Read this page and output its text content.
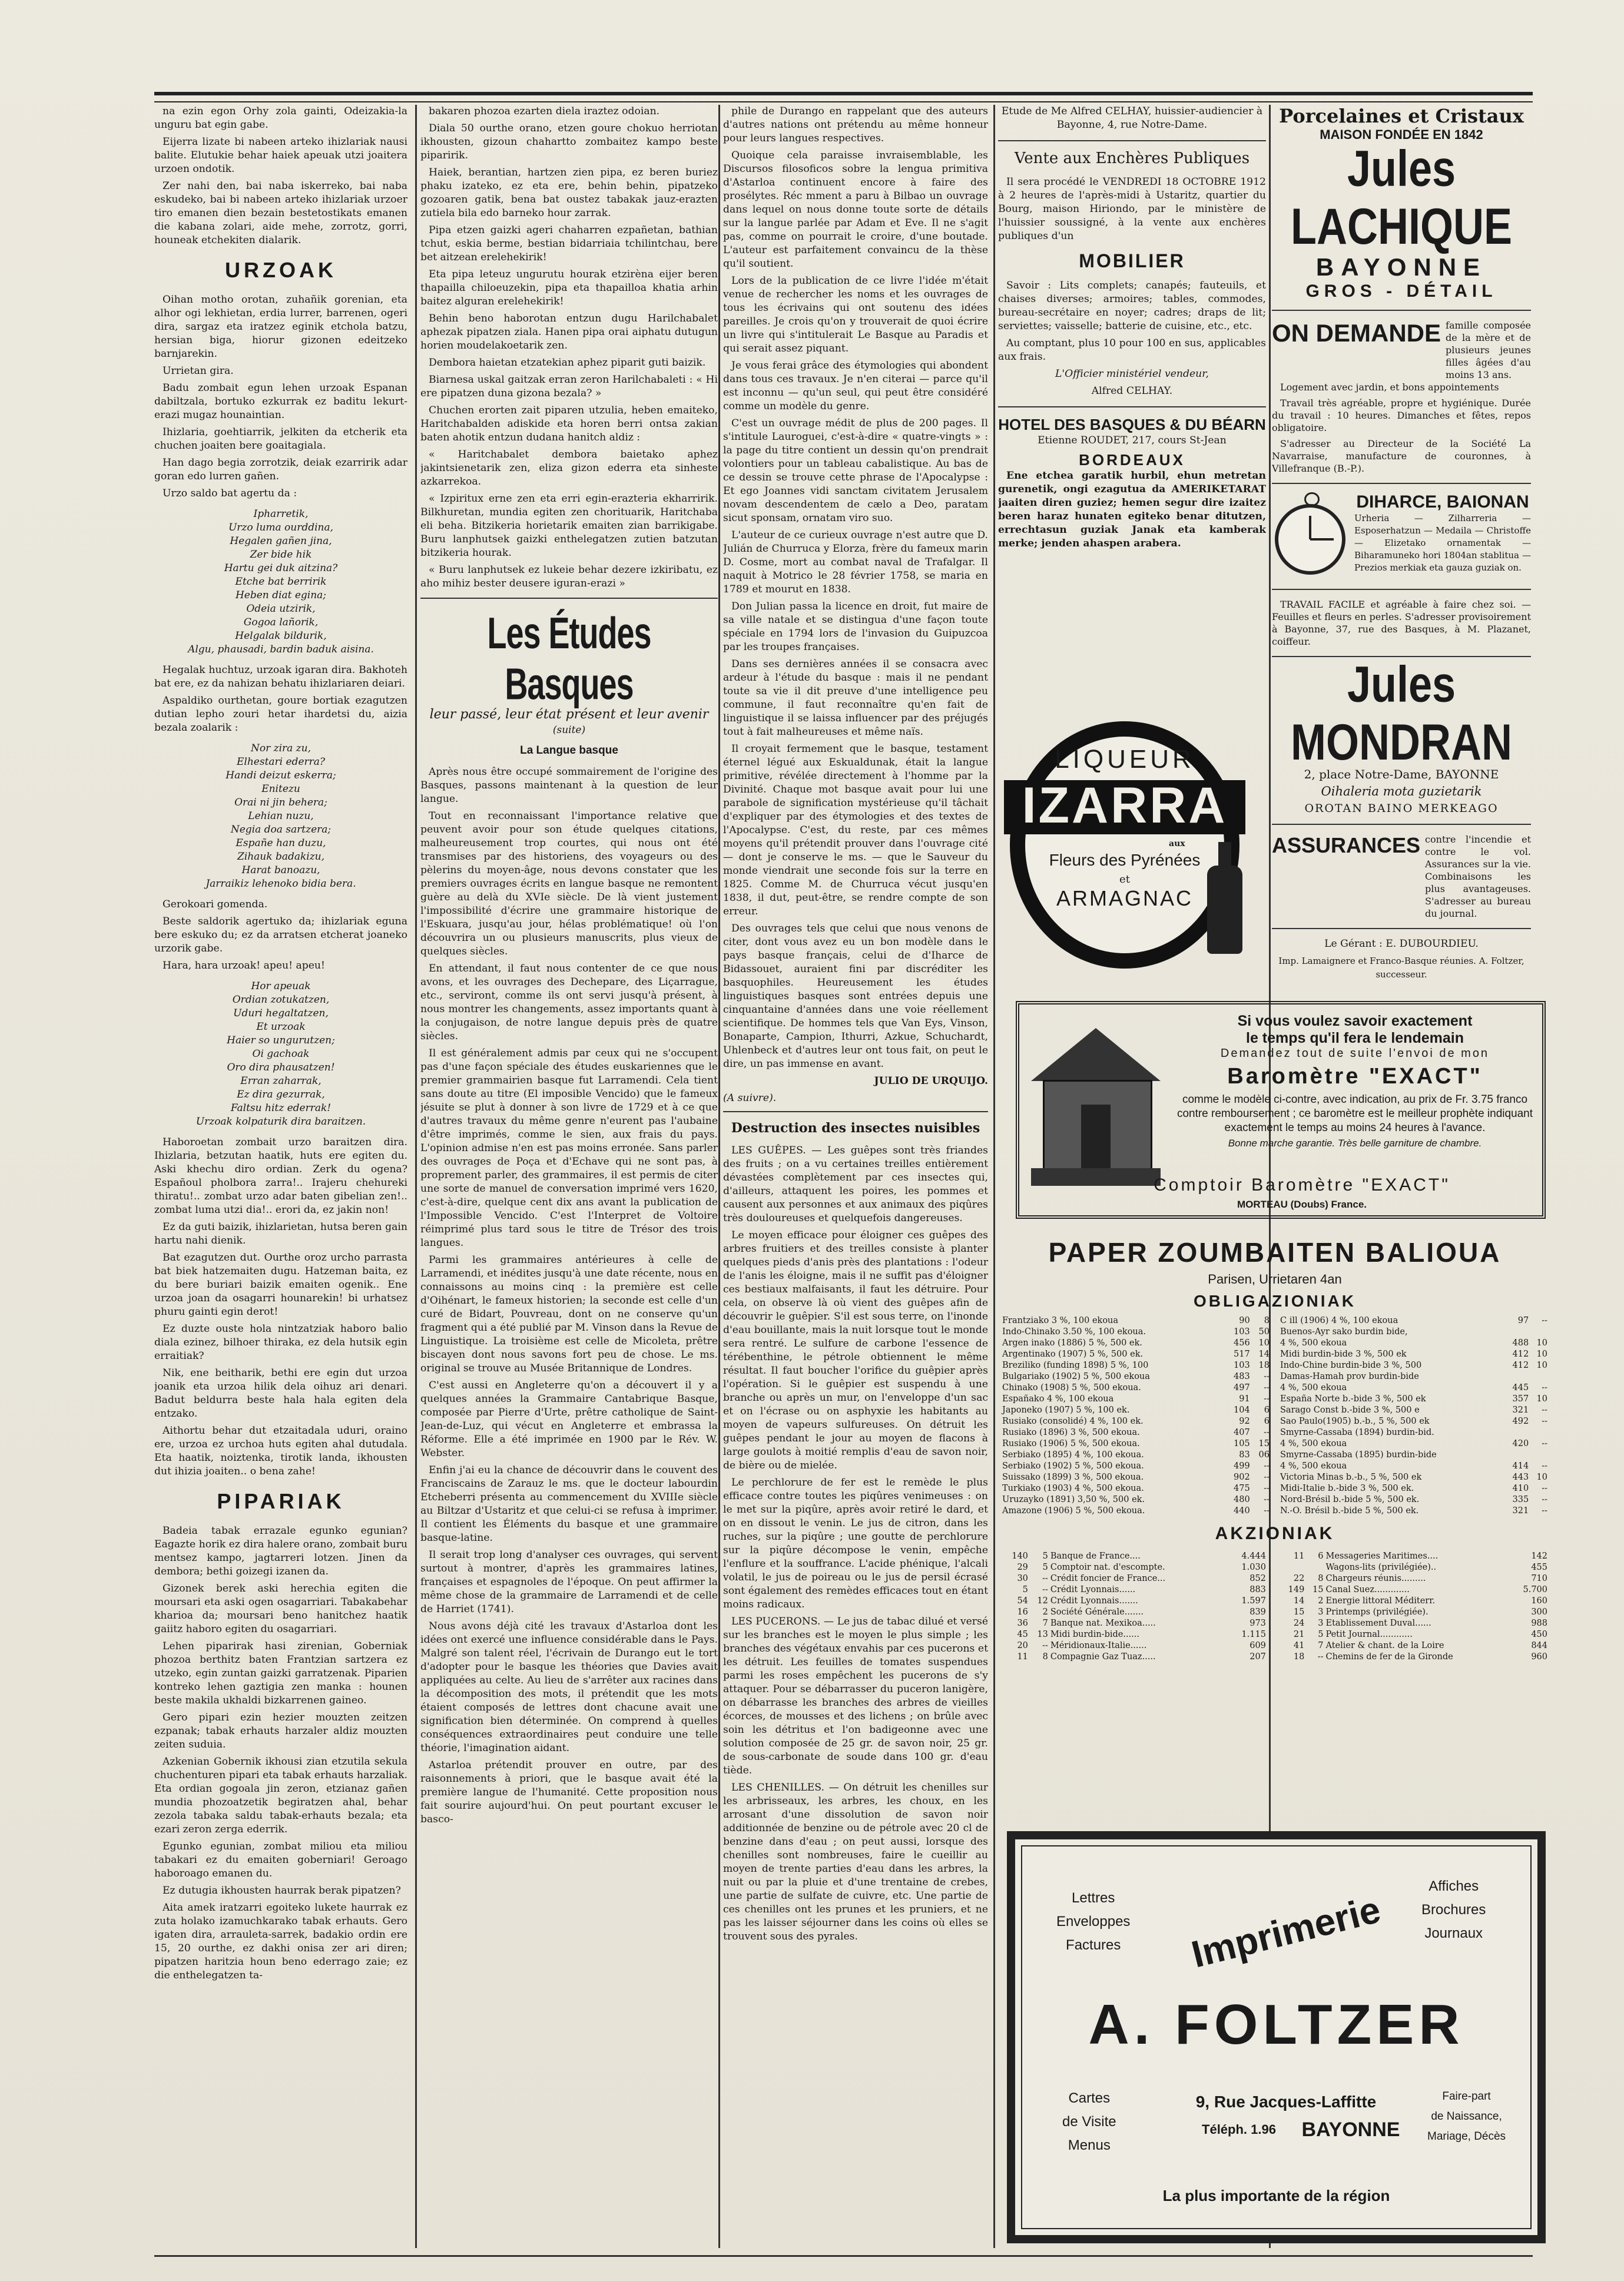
na ezin egon Orhy zola gainti, Odeizakia-la unguru bat egin gabe.

Eijerra lizate bi nabeen arteko ihizlariak nausi balite. Elutukie behar haiek apeuak utzi joaitera urzoen ondotik.

Zer nahi den, bai naba iskerreko, bai naba eskudeko, bai bi nabeen arteko ihizlariak urzoer tiro emanen dien bezain bestetostikats emanen die kabana zolari, aide mehe, zorrotz, gorri, houneak etchekiten dialarik.

URZOAK

Oihan motho orotan, zuhañik gorenian, eta alhor ogi lekhietan, erdia lurrer, barrenen, ogeri dira, sargaz eta iratzez eginik etchola batzu, hersian biga, hiorur gizonen edeitzeko barnjarekin.

Urrietan gira.

Badu zombait egun lehen urzoak Espanan dabiltzala, bortuko ezkurrak ez baditu lekurt-erazi mugaz hounaintian.

Ihizlaria, goehtiarrik, jelkiten da etcherik eta chuchen joaiten bere goaitagiala.

Han dago begia zorrotzik, deiak ezarririk adar goran edo lurren gañen.

Urzo saldo bat agertu da :

Ipharretik,
Urzo luma ourddina,
Hegalen gañen jina,
Zer bide hik
Hartu gei duk aitzina?
Etche bat berririk
Heben diat egina;
Odeia utzirik,
Gogoa lañorik,
Helgalak bildurik,
Algu, phausadi, bardin baduk aisina.

Hegalak huchtuz, urzoak igaran dira. Bakhoteh bat ere, ez da nahizan behatu ihizlariaren deiari.

Aspaldiko ourthetan, goure bortiak ezagutzen dutian lepho zouri hetar ihardetsi du, aizia bezala zoalarik :

Nor zira zu,
Elhestari ederra?
Handi deizut eskerra;
Enitezu
Orai ni jin behera;
Lehian nuzu,
Negia doa sartzera;
Españe han duzu,
Zihauk badakizu,
Harat banoazu,
Jarraikiz lehenoko bidia bera.

Gerokoari gomenda.

Beste saldorik agertuko da; ihizlariak eguna bere eskuko du; ez da arratsen etcherat joaneko urzorik gabe.

Hara, hara urzoak! apeu! apeu!

Hor apeuak
Ordian zotukatzen,
Uduri hegaltatzen,
Et urzoak
Haier so ungurutzen;
Oi gachoak
Oro dira phausatzen!
Erran zaharrak,
Ez dira gezurrak,
Faltsu hitz ederrak!
Urzoak kolpaturik dira baraitzen.

Haboroetan zombait urzo baraitzen dira. Ihizlaria, betzutan haatik, huts ere egiten du. Aski khechu diro ordian. Zerk du ogena? Españoul pholbora zarra!.. Irajeru chehureki thiratu!.. zombat urzo adar baten gibelian zen!.. zombat luma utzi dia!.. erori da, ez jakin non!

Ez da guti baizik, ihizlarietan, hutsa beren gain hartu nahi dienik.

Bat ezagutzen dut. Ourthe oroz urcho parrasta bat biek hatzemaiten dugu. Hatzeman baita, ez du bere buriari baizik emaiten ogenik.. Ene urzoa joan da osagarri hounarekin! bi urhatsez phuru gainti egin derot!

Ez duzte ouste hola nintzatziak haboro balio diala ezinez, bilhoer thiraka, ez dela hutsik egin erraitiak?

Nik, ene beitharik, bethi ere egin dut urzoa joanik eta urzoa hilik dela oihuz ari denari. Badut beldurra beste hala hala egiten dela entzako.

Aithortu behar dut etzaitadala uduri, oraino ere, urzoa ez urchoa huts egiten ahal dutudala. Eta haatik, noiztenka, tirotik landa, ikhousten dut ihizia joaiten.. o bena zahe!

PIPARIAK

Badeia tabak errazale egunko egunian? Eagazte horik ez dira halere orano, zombait buru mentsez kampo, jagtarreri lotzen. Jinen da dembora; bethi goizegi izanen da.

Gizonek berek aski herechia egiten die moursari eta aski ogen osagarriari. Tabakabehar kharioa da; moursari beno hanitchez haatik gaiitz haboro egiten du osagarriari.

Lehen piparirak hasi zirenian, Goberniak phozoa berthitz baten Frantzian sartzera ez utzeko, egin zuntan gaizki garratzenak. Piparien kontreko lehen gaztigia zen manka : hounen beste makila ukhaldi bizkarrenen gaineo.

Gero pipari ezin hezier mouzten zeitzen ezpanak; tabak erhauts harzaler aldiz mouzten zeiten suduia.

Azkenian Gobernik ikhousi zian etzutila sekula chuchenturen pipari eta tabak erhauts harzaliak. Eta ordian gogoala jin zeron, etzianaz gañen mundia phozoatzetik begiratzen ahal, behar zezola tabaka saldu tabak-erhauts bezala; eta ezari zeron zerga ederrik.

Egunko egunian, zombat miliou eta miliou tabakari ez du emaiten goberniari! Geroago haboroago emanen du.

Ez dutugia ikhousten haurrak berak pipatzen?

Aita amek iratzarri egoiteko lukete haurrak ez zuta holako izamuchkarako tabak erhauts. Gero igaten dira, arrauleta-sarrek, badakio ordin ere 15, 20 ourthe, ez dakhi onisa zer ari diren; pipatzen haritzia houn beno ederrago zaie; ez die enthelegatzen ta-

bakaren phozoa ezarten diela iraztez odoian.

Diala 50 ourthe orano, etzen goure chokuo herriotan ikhousten, gizoun chahartto zombaitez kampo beste piparirik.

Haiek, berantian, hartzen zien pipa, ez beren buriez phaku izateko, ez eta ere, behin behin, pipatzeko gozoaren gatik, bena bat oustez tabakak jauz-erazten zutiela bila edo barneko hour zarrak.

Pipa etzen gaizki ageri chaharren ezpañetan, bathian tchut, eskia berme, bestian bidarriaia tchilintchau, bere bet aitzean erelehekirik!

Eta pipa leteuz ungurutu hourak etzirèna eijer beren thapailla chiloeuzekin, pipa eta thapailloa khatia arhin baitez alguran erelehekirik!

Behin beno haborotan entzun dugu Harilchabalet aphezak pipatzen ziala. Hanen pipa orai aiphatu dutugun horien moudelakoetarik zen.

Dembora haietan etzatekian aphez piparit guti baizik.

Biarnesa uskal gaitzak erran zeron Harilchabaleti : « Hi ere pipatzen duna gizona bezala? »

Chuchen erorten zait piparen utzulia, heben emaiteko, Haritchabalden adiskide eta horen berri ontsa zakian baten ahotik entzun dudana hanitch aldiz :

« Haritchabalet dembora baietako aphez jakintsienetarik zen, eliza gizon ederra eta sinheste azkarrekoa.

« Izpiritux erne zen eta erri egin-erazteria ekharririk. Bilkhuretan, mundia egiten zen chorituarik, Haritchaba eli beha. Bitzikeria horietarik emaiten zian barrikigabe. Buru lanphutsek gaizki enthelegatzen zutien batzutan bitzikeria hourak.

« Buru lanphutsek ez lukeie behar dezere izkiribatu, ez aho mihiz bester deusere iguran-erazi »

Les Études Basques
leur passé, leur état présent et leur avenir
(suite)
La Langue basque

Après nous être occupé sommairement de l'origine des Basques, passons maintenant à la question de leur langue.

Tout en reconnaissant l'importance relative que peuvent avoir pour son étude quelques citations, malheureusement trop courtes, qui nous ont été transmises par des historiens, des voyageurs ou des pèlerins du moyen-âge, nous devons constater que les premiers ouvrages écrits en langue basque ne remontent guère au delà du XVIe siècle. De là vient justement l'impossibilité d'écrire une grammaire historique de l'Eskuara, jusqu'au jour, hélas problématique! où l'on découvrira un ou plusieurs manuscrits, plus vieux de quelques siècles.

En attendant, il faut nous contenter de ce que nous avons, et les ouvrages des Dechepare, des Liçarrague, etc., serviront, comme ils ont servi jusqu'à présent, à nous montrer les changements, assez importants quant à la conjugaison, de notre langue depuis près de quatre siècles.

Il est généralement admis par ceux qui ne s'occupent pas d'une façon spéciale des études euskariennes que le premier grammairien basque fut Larramendi. Cela tient sans doute au titre (El imposible Vencido) que le fameux jésuite se plut à donner à son livre de 1729 et à ce que d'autres travaux du même genre n'eurent pas l'aubaine d'être imprimés, comme le sien, aux frais du pays. L'opinion admise n'en est pas moins erronée. Sans parler des ouvrages de Poça et d'Echave qui ne sont pas, à proprement parler, des grammaires, il est permis de citer une sorte de manuel de conversation imprimé vers 1620, c'est-à-dire, quelque cent dix ans avant la publication de l'Impossible Vencido. C'est l'Interpret de Voltoire réimprimé plus tard sous le titre de Trésor des trois langues.

Parmi les grammaires antérieures à celle de Larramendi, et inédites jusqu'à une date récente, nous en connaissons au moins cinq : la première est celle d'Oihénart, le fameux historien; la seconde est celle d'un curé de Bidart, Pouvreau, dont on ne conserve qu'un fragment qui a été publié par M. Vinson dans la Revue de Linguistique. La troisième est celle de Micoleta, prêtre biscayen dont nous savons fort peu de chose. Le ms. original se trouve au Musée Britannique de Londres.

C'est aussi en Angleterre qu'on a découvert il y a quelques années la Grammaire Cantabrique Basque, composée par Pierre d'Urte, prêtre catholique de Saint-Jean-de-Luz, qui vécut en Angleterre et embrassa la Réforme. Elle a été imprimée en 1900 par le Rév. W. Webster.

Enfin j'ai eu la chance de découvrir dans le couvent des Franciscains de Zarauz le ms. que le docteur labourdin Etcheberri présenta au commencement du XVIIIe siècle au Biltzar d'Ustaritz et que celui-ci se refusa à imprimer. Il contient les Éléments du basque et une grammaire basque-latine.

Il serait trop long d'analyser ces ouvrages, qui servent surtout à montrer, d'après les grammaires latines, françaises et espagnoles de l'époque. On peut affirmer la même chose de la grammaire de Larramendi et de celle de Harriet (1741).

Nous avons déjà cité les travaux d'Astarloa dont les idées ont exercé une influence considérable dans le Pays. Malgré son talent réel, l'écrivain de Durango eut le tort d'adopter pour le basque les théories que Davies avait appliquées au celte. Au lieu de s'arrêter aux racines dans la décomposition des mots, il prétendit que les mots étaient composés de lettres dont chacune avait une signification bien déterminée. On comprend à quelles conséquences extraordinaires peut conduire une telle théorie, l'imagination aidant.

Astarloa prétendit prouver en outre, par des raisonnements à priori, que le basque avait été la première langue de l'humanité. Cette proposition nous fait sourire aujourd'hui. On peut pourtant excuser le basco-

phile de Durango en rappelant que des auteurs d'autres nations ont prétendu au même honneur pour leurs langues respectives.

Quoique cela paraisse invraisemblable, les Discursos filosoficos sobre la lengua primitiva d'Astarloa continuent encore à faire des prosélytes. Réc mment a paru à Bilbao un ouvrage dans lequel on nous donne toute sorte de détails sur la langue parlée par Adam et Eve. Il ne s'agit pas, comme on pourrait le croire, d'une boutade. L'auteur est parfaitement convaincu de la thèse qu'il soutient.

Lors de la publication de ce livre l'idée m'était venue de rechercher les noms et les ouvrages de tous les écrivains qui ont soutenu des idées pareilles. Je crois qu'on y trouverait de quoi écrire un livre qui s'intitulerait Le Basque au Paradis et qui serait assez piquant.

Je vous ferai grâce des étymologies qui abondent dans tous ces travaux. Je n'en citerai — parce qu'il est inconnu — qu'un seul, qui peut être considéré comme un modèle du genre.

C'est un ouvrage médit de plus de 200 pages. Il s'intitule Lauroguei, c'est-à-dire « quatre-vingts » : la page du titre contient un dessin qu'on prendrait volontiers pour un tableau cabalistique. Au bas de ce dessin se trouve cette phrase de l'Apocalypse : Et ego Joannes vidi sanctam civitatem Jerusalem novam descendentem de cælo a Deo, paratam sicut sponsam, ornatam viro suo.

L'auteur de ce curieux ouvrage n'est autre que D. Julián de Churruca y Elorza, frère du fameux marin D. Cosme, mort au combat naval de Trafalgar. Il naquit à Motrico le 28 février 1758, se maria en 1789 et mourut en 1838.

Don Julian passa la licence en droit, fut maire de sa ville natale et se distingua d'une façon toute spéciale en 1794 lors de l'invasion du Guipuzcoa par les troupes françaises.

Dans ses dernières années il se consacra avec ardeur à l'étude du basque : mais il ne pendant toute sa vie il dit preuve d'une intelligence peu commune, il faut reconnaître qu'en fait de linguistique il se laissa influencer par des préjugés tout à fait malheureuses et même naïs.

Il croyait fermement que le basque, testament éternel légué aux Eskualdunak, était la langue primitive, révélée directement à l'homme par la Divinité. Chaque mot basque avait pour lui une parabole de signification mystérieuse qu'il tâchait d'expliquer par des étymologies et des textes de l'Apocalypse. C'est, du reste, par ces mêmes moyens qu'il prétendit prouver dans l'ouvrage cité — dont je conserve le ms. — que le Sauveur du monde viendrait une seconde fois sur la terre en 1825. Comme M. de Churruca vécut jusqu'en 1838, il dut, peut-être, se rendre compte de son erreur.

Des ouvrages tels que celui que nous venons de citer, dont vous avez eu un bon modèle dans le pays basque français, celui de d'Iharce de Bidassouet, auraient fini par discréditer les basquophiles. Heureusement les études linguistiques basques sont entrées depuis une cinquantaine d'années dans une voie réellement scientifique. De hommes tels que Van Eys, Vinson, Bonaparte, Campion, Ithurri, Azkue, Schuchardt, Uhlenbeck et d'autres leur ont tous fait, on peut le dire, un pas immense en avant.

JULIO DE URQUIJO.

(A suivre).

Destruction des insectes nuisibles

LES GUÊPES. — Les guêpes sont très friandes des fruits ; on a vu certaines treilles entièrement dévastées complètement par ces insectes qui, d'ailleurs, attaquent les poires, les pommes et causent aux personnes et aux animaux des piqûres très douloureuses et quelquefois dangereuses.

Le moyen efficace pour éloigner ces guêpes des arbres fruitiers et des treilles consiste à planter quelques pieds d'anis près des plantations : l'odeur de l'anis les éloigne, mais il ne suffit pas d'éloigner ces bestiaux malfaisants, il faut les détruire. Pour cela, on observe là où vient des guêpes afin de découvrir le guêpier. S'il est sous terre, on l'inonde d'eau bouillante, mais la nuit lorsque tout le monde sera rentré. Le sulfure de carbone l'essence de térébenthine, le pétrole obtiennent le même résultat. Il faut boucher l'orifice du guêpier après l'opération. Si le guêpier est suspendu à une branche ou après un mur, on l'enveloppe d'un sac et on l'écrase ou on asphyxie les habitants au moyen de vapeurs sulfureuses. On détruit les guêpes pendant le jour au moyen de flacons à large goulots à moitié remplis d'eau de savon noir, de bière ou de mielée.

Le perchlorure de fer est le remède le plus efficace contre toutes les piqûres venimeuses : on le met sur la piqûre, après avoir retiré le dard, et on en dissout le venin. Le jus de citron, dans les ruches, sur la piqûre ; une goutte de perchlorure sur la piqûre décompose le venin, empêche l'enflure et la souffrance. L'acide phénique, l'alcali volatil, le jus de poireau ou le jus de persil écrasé sont également des remèdes efficaces tout en étant moins radicaux.

LES PUCERONS. — Le jus de tabac dilué et versé sur les branches est le moyen le plus simple ; les branches des végétaux envahis par ces pucerons et les détruit. Les feuilles de tomates suspendues parmi les roses empêchent les pucerons de s'y attaquer. Pour se débarrasser du puceron lanigère, on débarrasse les branches des arbres de vieilles écorces, de mousses et des lichens ; on brûle avec soin les détritus et l'on badigeonne avec une solution composée de 25 gr. de savon noir, 25 gr. de sous-carbonate de soude dans 100 gr. d'eau tiède.

LES CHENILLES. — On détruit les chenilles sur les arbrisseaux, les arbres, les choux, en les arrosant d'une dissolution de savon noir additionnée de benzine ou de pétrole avec 20 cl de benzine dans d'eau ; on peut aussi, lorsque des chenilles sont nombreuses, faire le cueillir au moyen de trente parties d'eau dans les arbres, la nuit ou par la pluie et d'une trentaine de crebes, une partie de sulfate de cuivre, etc. Une partie de ces chenilles ont les prunes et les pruniers, et ne pas les laisser séjourner dans les coins où elles se trouvent sous des pyrales.

Etude de Me Alfred CELHAY, huissier-audiencier à Bayonne, 4, rue Notre-Dame.

Vente aux Enchères Publiques

Il sera procédé le VENDREDI 18 OCTOBRE 1912 à 2 heures de l'après-midi à Ustaritz, quartier du Bourg, maison Hiriondo, par le ministère de l'huissier soussigné, à la vente aux enchères publiques d'un

MOBILIER

Savoir : Lits complets; canapés; fauteuils, et chaises diverses; armoires; tables, commodes, bureau-secrétaire en noyer; cadres; draps de lit; serviettes; vaisselle; batterie de cuisine, etc., etc.

Au comptant, plus 10 pour 100 en sus, applicables aux frais.

L'Officier ministériel vendeur,

Alfred CELHAY.

HOTEL DES BASQUES & DU BÉARN

Etienne ROUDET, 217, cours St-Jean

BORDEAUX

Ene etchea garatik hurbil, ehun metretan gurenetik, ongi ezagutua da AMERIKETARAT jaaiten diren guziez; hemen segur dire izaitez beren haraz hunaten egiteko benar ditutzen, errechtasun guziak Janak eta kamberak merke; jenden ahaspen arabera.

LIQUEUR
IZARRA
aux
Fleurs des Pyrénées
et
ARMAGNAC
Si vous voulez savoir exactement
le temps qu'il fera le lendemain
Demandez tout de suite l'envoi de mon
Baromètre "EXACT"
comme le modèle ci-contre, avec indication, au prix de Fr. 3.75 franco contre remboursement ; ce baromètre est le meilleur prophète indiquant exactement le temps au moins 24 heures à l'avance.
Bonne marche garantie. Très belle garniture de chambre.
Comptoir Baromètre "EXACT"
MORTEAU (Doubs) France.
Porcelaines et Cristaux
MAISON FONDÉE EN 1842
Jules LACHIQUE
BAYONNE
GROS - DÉTAIL
ON DEMANDE famille composée de la mère et de plusieurs jeunes filles âgées d'au moins 13 ans.

Logement avec jardin, et bons appointements

Travail très agréable, propre et hygiénique. Durée du travail : 10 heures. Dimanches et fêtes, repos obligatoire.

S'adresser au Directeur de la Société La Navarraise, manufacture de couronnes, à Villefranque (B.-P.).

DIHARCE, BAIONAN
Urheria — Zilharreria — Esposerhatzun — Medaila — Christoffe — Elizetako ornamentak — Biharamuneko hori 1804an stablitua — Prezios merkiak eta gauza guziak on.

TRAVAIL FACILE et agréable à faire chez soi. — Feuilles et fleurs en perles. S'adresser provisoirement à Bayonne, 37, rue des Basques, à M. Plazanet, coiffeur.

Jules MONDRAN

2, place Notre-Dame, BAYONNE

Oihaleria mota guzietarik

OROTAN BAINO MERKEAGO

ASSURANCES contre l'incendie et contre le vol. Assurances sur la vie. Combinaisons les plus avantageuses. S'adresser au bureau du journal.

Le Gérant : E. DUBOURDIEU.

Imp. Lamaignere et Franco-Basque réunies. A. Foltzer, successeur.

PAPER ZOUMBAITEN BALIOUA
Parisen, Urrietaren 4an
OBLIGAZIONIAK
Frantziako 3 %, 100 ekoua	90	8
Indo-Chinako 3.50 %, 100 ekoua.	103	50
Argen inako (1886) 5 %, 500 ek.	456	10
Argentinako (1907) 5 %, 500 ek.	517	14
Breziliko (funding 1898) 5 %, 100	103	18
Bulgariako (1902) 5 %, 500 ekoua	483	--
Chinako (1908) 5 %, 500 ekoua.	497	--
Españako 4 %, 100 ekoua	91	--
Japoneko (1907) 5 %, 100 ek.	104	6
Rusiako (consolidé) 4 %, 100 ek.	92	6
Rusiako (1896) 3 %, 500 ekoua.	407	--
Rusiako (1906) 5 %, 500 ekoua.	105	15
Serbiako (1895) 4 %, 100 ekoua.	83	06
Serbiako (1902) 5 %, 500 ekoua.	499	--
Suissako (1899) 3 %, 500 ekoua.	902	--
Turkiako (1903) 4 %, 500 ekoua.	475	--
Uruzayko (1891) 3,50 %, 500 ek.	480	--
Amazone (1906) 5 %, 500 ekoua.	440	--
C ill (1906) 4 %, 100 ekoua	97	--
Buenos-Ayr sako burdin bide,		
4 %, 500 ekoua	488	10
Midi burdin-bide 3 %, 500 ek	412	10
Indo-Chine burdin-bide 3 %, 500	412	10
Damas-Hamah prov burdin-bide		
4 %, 500 ekoua	445	--
España Norte b.-bide 3 %, 500 ek	357	10
Sarago Const b.-bide 3 %, 500 e	321	--
Sao Paulo(1905) b.-b., 5 %, 500 ek	492	--
Smyrne-Cassaba (1894) burdin-bid.		
4 %, 500 ekoua	420	--
Smyrne-Cassaba (1895) burdin-bide		
4 %, 500 ekoua	414	--
Victoria Minas b.-b., 5 %, 500 ek	443	10
Midi-Italie b.-bide 3 %, 500 ek.	410	--
Nord-Brésil b.-bide 5 %, 500 ek.	335	--
N.-O. Brésil b.-bide 5 %, 500 ek.	321	--
AKZIONIAK
140	5	Banque de France....	4.444	
29	5	Comptoir nat. d'escompte.	1.030	
30	--	Crédit foncier de France...	852	
5	--	Crédit Lyonnais......	883	
54	12	Crédit Lyonnais.......	1.597	
16	2	Société Générale.......	839	
36	7	Banque nat. Mexikoa.....	973	
45	13	Midi burdin-bide......	1.115	
20	--	Méridionaux-Italie......	609	
11	8	Compagnie Gaz Tuaz.....	207	
11	6	Messageries Maritimes....	142
		Wagons-lits (privilégiée)..	455
22	8	Chargeurs réunis.........	710
149	15	Canal Suez.............	5.700
14	2	Energie littoral Méditerr.	160
15	3	Printemps (privilégiée).	300
24	3	Etablissement Duval......	988
21	5	Petit Journal............	450
41	7	Atelier & chant. de la Loire	844
18	--	Chemins de fer de la Gironde	960
Lettres
Enveloppes
Factures	Imprimerie
Affiches
Brochures
Journaux
A. FOLTZER
Cartes
de Visite
Menus
9, Rue Jacques-Laffitte
Téléph. 1.96	BAYONNE
Faire-part
de Naissance,
Mariage, Décès
La plus importante de la région
